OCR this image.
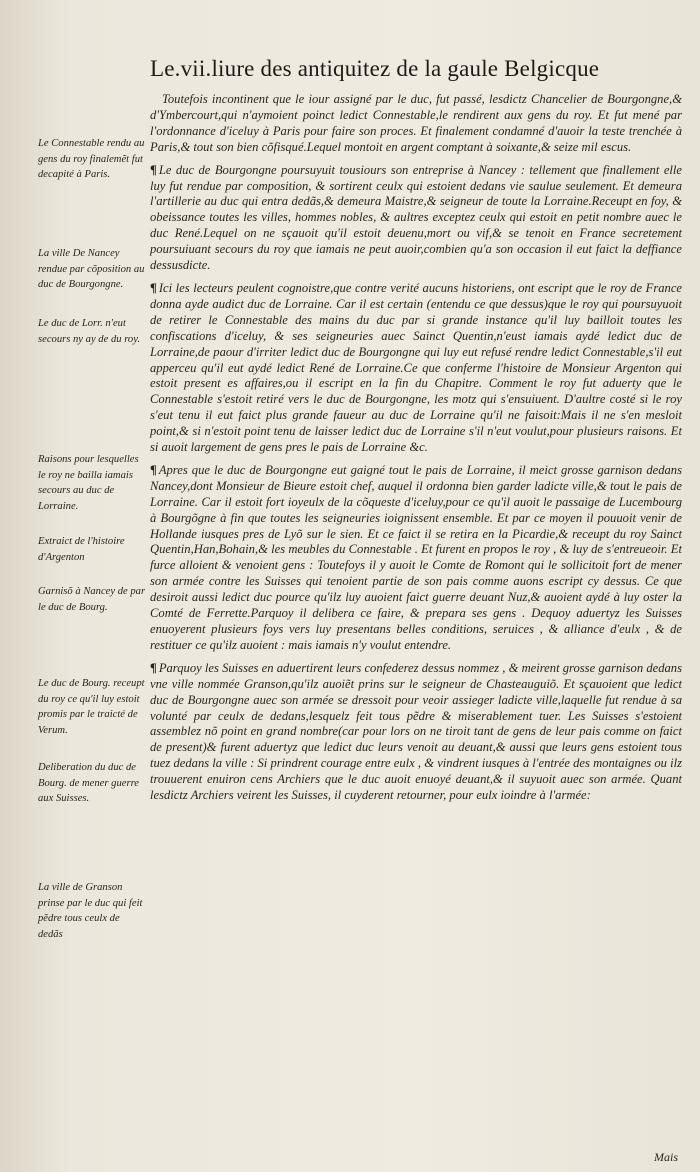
Le.vii.liure des antiquitez de la gaule Belgicque

Toutefois incontinent que le iour assigné par le duc, fut passé, lesdictz Chancelier de Bourgongne,& d'Ymbercourt,qui n'aymoient poinct ledict Connestable,le rendirent aux gens du roy. Et fut mené par l'ordonnance d'iceluy à Paris pour faire son proces. Et finalement condamné d'auoir la teste trenchée à Paris,& tout son bien cõfisqué.Lequel montoit en argent comptant à soixante,& seize mil escus.

¶ Le duc de Bourgongne poursuyuit tousiours son entreprise à Nancey : tellement que finallement elle luy fut rendue par composition, & sortirent ceulx qui estoient dedans vie saulue seulement. Et demeura l'artillerie au duc qui entra dedãs,& demeura Maistre,& seigneur de toute la Lorraine.Receupt en foy, & obeissance toutes les villes, hommes nobles, & aultres exceptez ceulx qui estoit en petit nombre auec le duc René.Lequel on ne sçauoit qu'il estoit deuenu,mort ou vif,& se tenoit en France secretement poursuiuant secours du roy que iamais ne peut auoir,combien qu'a son occasion il eut faict la deffiance dessusdicte.

¶ Ici les lecteurs peulent cognoistre,que contre verité aucuns historiens, ont escript que le roy de France donna ayde audict duc de Lorraine. Car il est certain (entendu ce que dessus)que le roy qui poursuyuoit de retirer le Connestable des mains du duc par si grande instance qu'il luy bailloit toutes les confiscations d'iceluy, & ses seigneuries auec Sainct Quentin,n'eust iamais aydé ledict duc de Lorraine,de paour d'irriter ledict duc de Bourgongne qui luy eut refusé rendre ledict Connestable,s'il eut apperceu qu'il eut aydé ledict René de Lorraine.Ce que conferme l'histoire de Monsieur Argenton qui estoit present es affaires,ou il escript en la fin du Chapitre. Comment le roy fut aduerty que le Connestable s'estoit retiré vers le duc de Bourgongne, les motz qui s'ensuiuent. D'aultre costé si le roy s'eut tenu il eut faict plus grande faueur au duc de Lorraine qu'il ne faisoit:Mais il ne s'en mesloit point,& si n'estoit point tenu de laisser ledict duc de Lorraine s'il n'eut voulut,pour plusieurs raisons. Et si auoit largement de gens pres le pais de Lorraine &c.

¶ Apres que le duc de Bourgongne eut gaigné tout le pais de Lorraine, il meict grosse garnison dedans Nancey,dont Monsieur de Bieure estoit chef, auquel il ordonna bien garder ladicte ville,& tout le pais de Lorraine. Car il estoit fort ioyeulx de la cõqueste d'iceluy,pour ce qu'il auoit le passaige de Lucembourg à Bourgõgne à fin que toutes les seigneuries ioignissent ensemble. Et par ce moyen il pouuoit venir de Hollande iusques pres de Lyõ sur le sien. Et ce faict il se retira en la Picardie,& receupt du roy Sainct Quentin,Han,Bohain,& les meubles du Connestable . Et furent en propos le roy , & luy de s'entreueoir. Et furce alloient & venoient gens : Toutefoys il y auoit le Comte de Romont qui le sollicitoit fort de mener son armée contre les Suisses qui tenoient partie de son pais comme auons escript cy dessus. Ce que desiroit aussi ledict duc pource qu'ilz luy auoient faict guerre deuant Nuz,& auoient aydé à luy oster la Comté de Ferrette.Parquoy il delibera ce faire, & prepara ses gens . Dequoy aduertyz les Suisses enuoyerent plusieurs foys vers luy presentans belles conditions, seruices , & alliance d'eulx , & de restituer ce qu'ilz auoient : mais iamais n'y voulut entendre.

¶ Parquoy les Suisses en aduertirent leurs confederez dessus nommez , & meirent grosse garnison dedans vne ville nommée Granson,qu'ilz auoiẽt prins sur le seigneur de Chasteauguiõ. Et sçauoient que ledict duc de Bourgongne auec son armée se dressoit pour veoir assieger ladicte ville,laquelle fut rendue à sa volunté par ceulx de dedans,lesquelz feit tous pẽdre & miserablement tuer. Les Suisses s'estoient assemblez nõ point en grand nombre(car pour lors on ne tiroit tant de gens de leur pais comme on faict de present)& furent aduertyz que ledict duc leurs venoit au deuant,& aussi que leurs gens estoient tous tuez dedans la ville : Si prindrent courage entre eulx , & vindrent iusques à l'entrée des montaignes ou ilz trouuerent enuiron cens Archiers que le duc auoit enuoyé deuant,& il suyuoit auec son armée. Quant lesdictz Archiers veirent les Suisses, il cuyderent retourner, pour eulx ioindre à l'armée:

Le Connestable rendu au gens du roy finalemẽt fut decapité à Paris.
La ville De Nancey rendue par cõposition au duc de Bourgongne.
Le duc de Lorr. n'eut secours ny ay de du roy.
Raisons pour lesquelles le roy ne bailla iamais secours au duc de Lorraine.
Extraict de l'histoire d'Argenton
Garnisõ à Nancey de par le duc de Bourg.
Le duc de Bourg. receupt du roy ce qu'il luy estoit promis par le traicté de Verum.
Deliberation du duc de Bourg. de mener guerre aux Suisses.
La ville de Granson prinse par le duc qui feit pẽdre tous ceulx de dedãs
Mais
